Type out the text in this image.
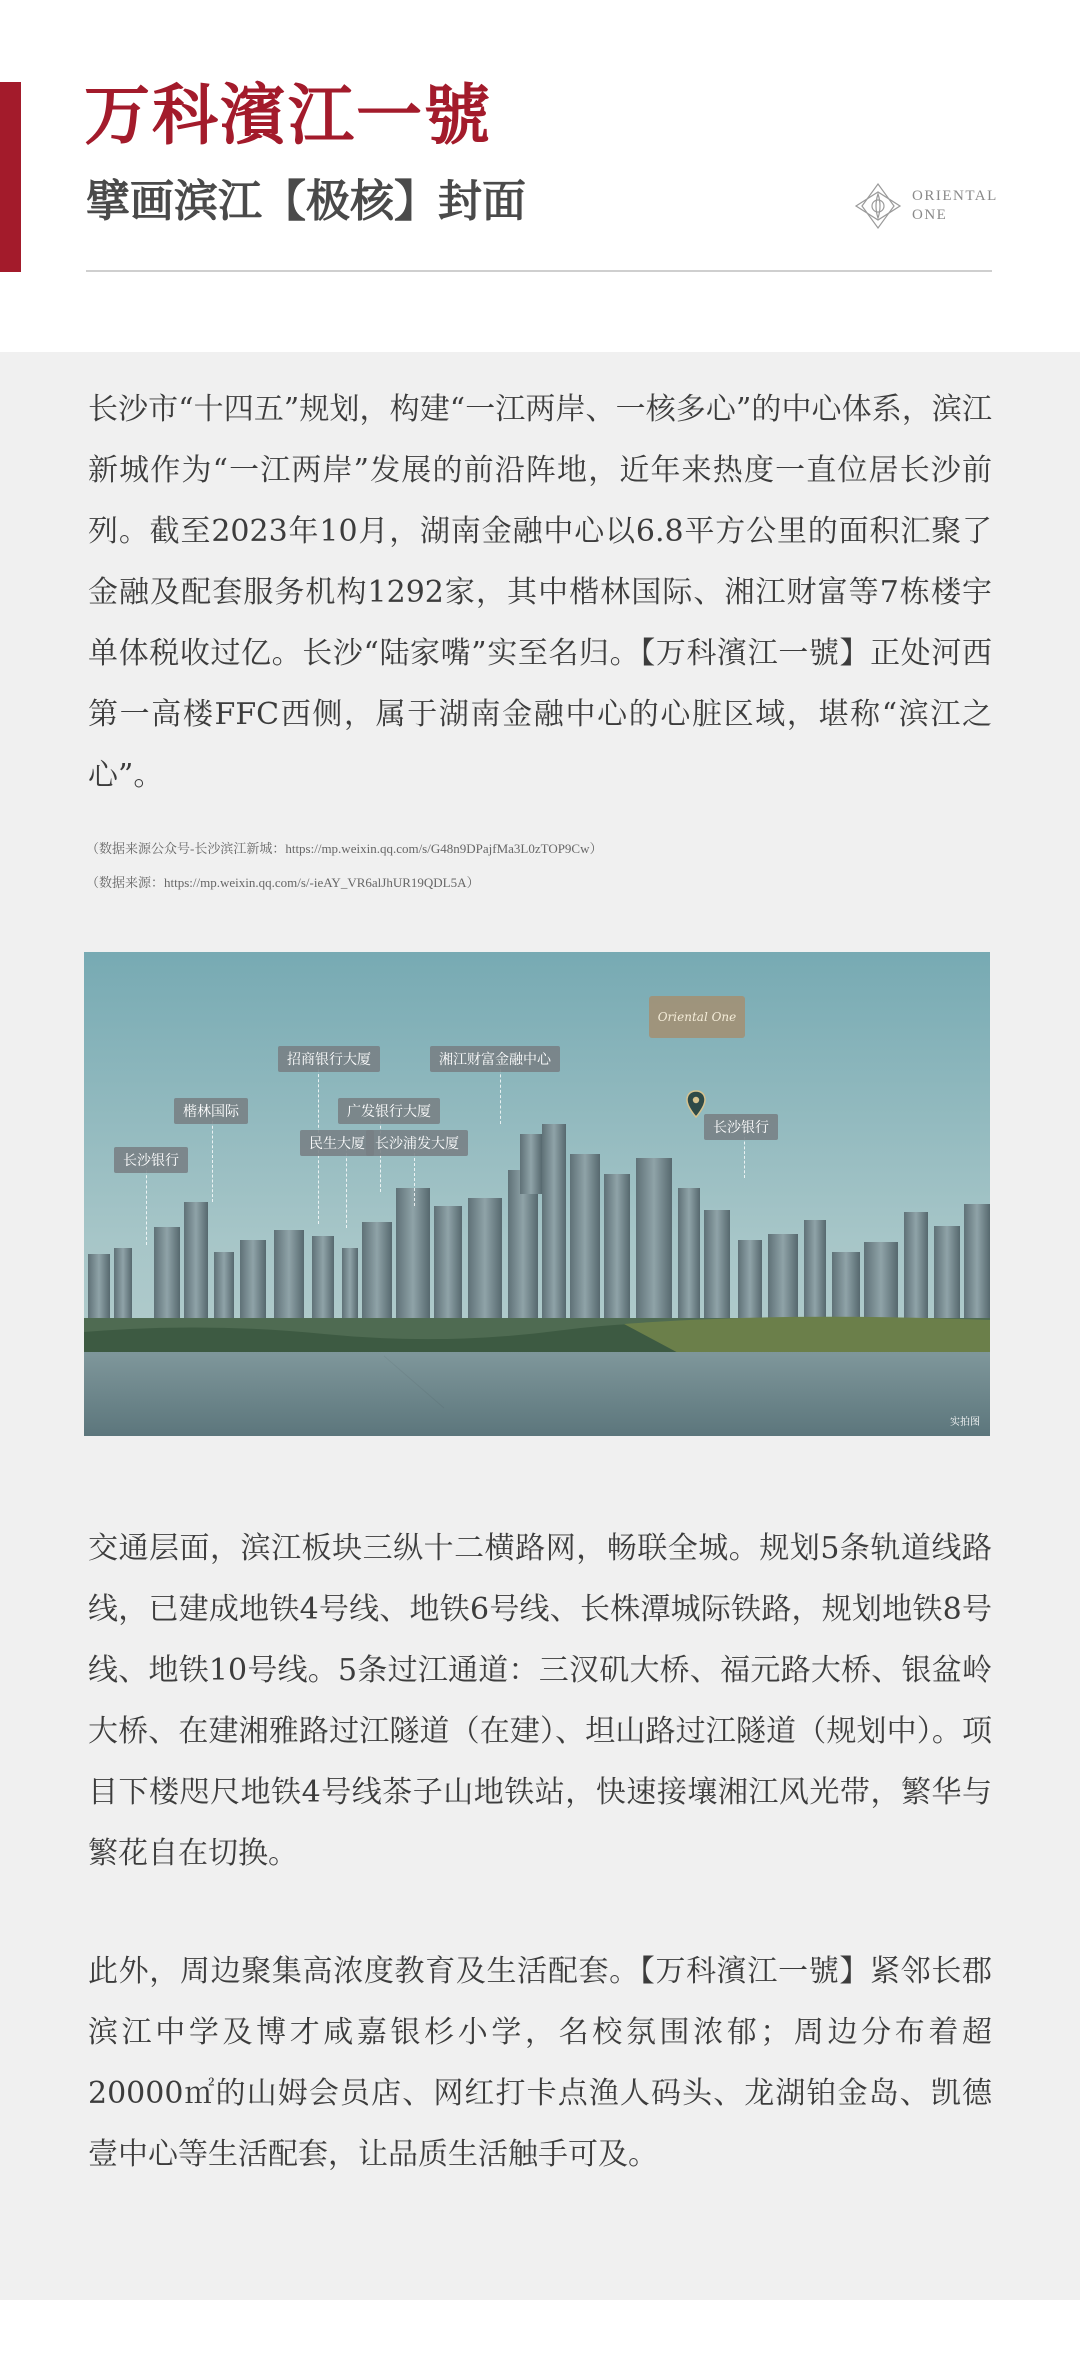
万科濱江一號
擘画滨江【极核】封面	ORIENTAL
ONE

长沙市“十四五”规划，构建“一江两岸、一核多心”的中心体系，滨江新城作为“一江两岸”发展的前沿阵地，近年来热度一直位居长沙前列。截至2023年10月，湖南金融中心以6.8平方公里的面积汇聚了金融及配套服务机构1292家，其中楷林国际、湘江财富等7栋楼宇单体税收过亿。长沙“陆家嘴”实至名归。【万科濱江一號】正处河西第一高楼FFC西侧，属于湖南金融中心的心脏区域，堪称“滨江之心”。

（数据来源公众号-长沙滨江新城：https://mp.weixin.qq.com/s/G48n9DPajfMa3L0zTOP9Cw）

（数据来源：https://mp.weixin.qq.com/s/-ieAY_VR6alJhUR19QDL5A）

Oriental One
长沙银行
楷林国际
招商银行大厦
民生大厦
广发银行大厦
长沙浦发大厦
湘江财富金融中心
长沙银行
实拍图

交通层面，滨江板块三纵十二横路网，畅联全城。规划5条轨道线路线，已建成地铁4号线、地铁6号线、长株潭城际铁路，规划地铁8号线、地铁10号线。5条过江通道：三汊矶大桥、福元路大桥、银盆岭大桥、在建湘雅路过江隧道（在建）、坦山路过江隧道（规划中）。项目下楼咫尺地铁4号线茶子山地铁站，快速接壤湘江风光带，繁华与繁花自在切换。

此外，周边聚集高浓度教育及生活配套。【万科濱江一號】紧邻长郡滨江中学及博才咸嘉银杉小学，名校氛围浓郁；周边分布着超20000㎡的山姆会员店、网红打卡点渔人码头、龙湖铂金岛、凯德壹中心等生活配套，让品质生活触手可及。
